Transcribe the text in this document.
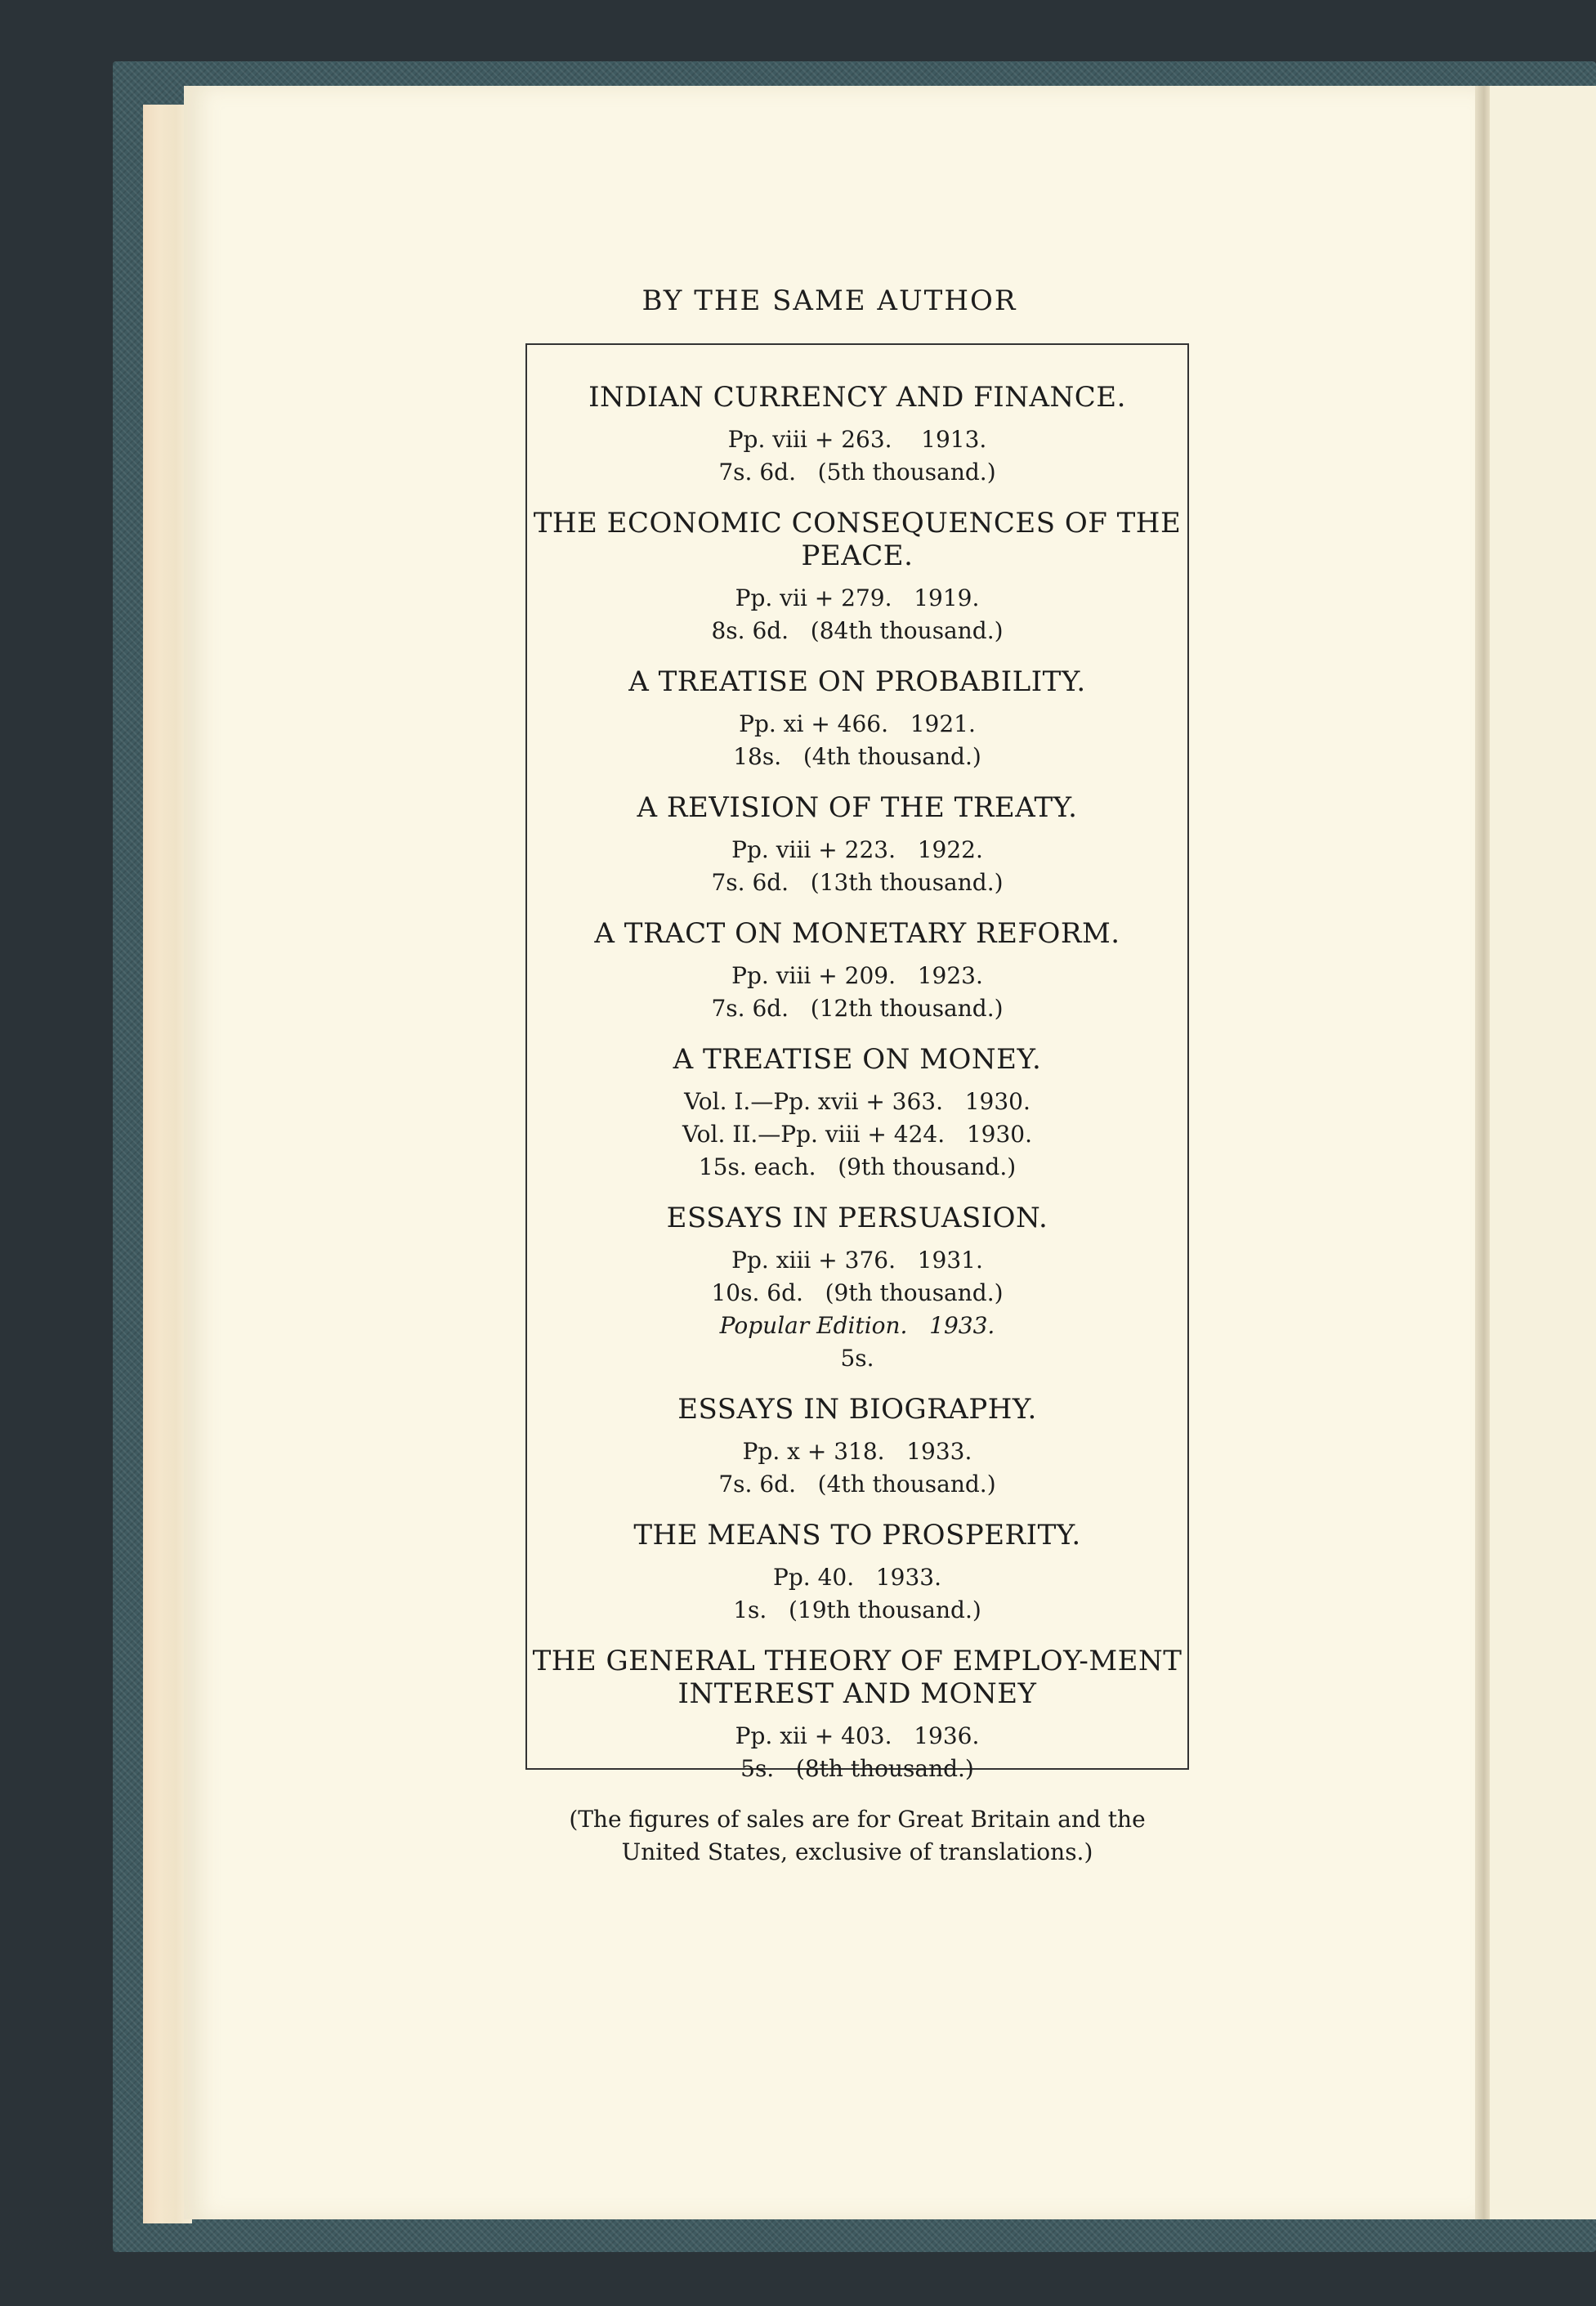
BY THE SAME AUTHOR
INDIAN CURRENCY AND FINANCE.
Pp. viii + 263.    1913.
7s. 6d.   (5th thousand.)
THE ECONOMIC CONSEQUENCES OF THE PEACE.
Pp. vii + 279.   1919.
8s. 6d.   (84th thousand.)
A TREATISE ON PROBABILITY.
Pp. xi + 466.   1921.
18s.   (4th thousand.)
A REVISION OF THE TREATY.
Pp. viii + 223.   1922.
7s. 6d.   (13th thousand.)
A TRACT ON MONETARY REFORM.
Pp. viii + 209.   1923.
7s. 6d.   (12th thousand.)
A TREATISE ON MONEY.
Vol. I.—Pp. xvii + 363.   1930.
Vol. II.—Pp. viii + 424.   1930.
15s. each.   (9th thousand.)
ESSAYS IN PERSUASION.
Pp. xiii + 376.   1931.
10s. 6d.   (9th thousand.)
Popular Edition.   1933.
5s.
ESSAYS IN BIOGRAPHY.
Pp. x + 318.   1933.
7s. 6d.   (4th thousand.)
THE MEANS TO PROSPERITY.
Pp. 40.   1933.
1s.   (19th thousand.)
THE GENERAL THEORY OF EMPLOY-MENT INTEREST AND MONEY
Pp. xii + 403.   1936.
5s.   (8th thousand.)
(The figures of sales are for Great Britain and the United States, exclusive of translations.)
